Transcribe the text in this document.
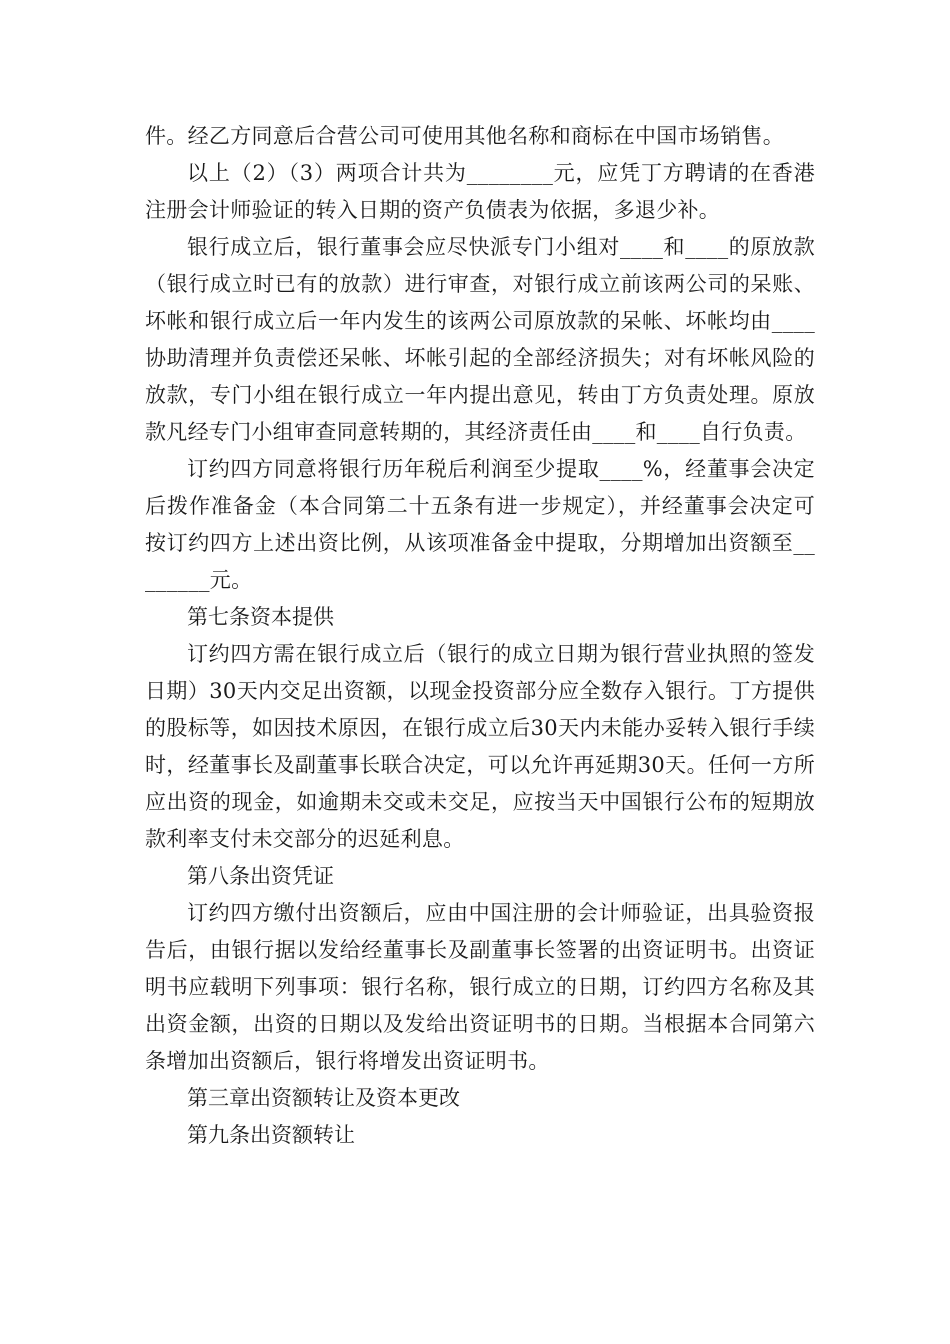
件。经乙方同意后合营公司可使用其他名称和商标在中国市场销售。

以上（2）（3）两项合计共为________元，应凭丁方聘请的在香港注册会计师验证的转入日期的资产负债表为依据，多退少补。

银行成立后，银行董事会应尽快派专门小组对____和____的原放款（银行成立时已有的放款）进行审查，对银行成立前该两公司的呆账、坏帐和银行成立后一年内发生的该两公司原放款的呆帐、坏帐均由____协助清理并负责偿还呆帐、坏帐引起的全部经济损失；对有坏帐风险的放款，专门小组在银行成立一年内提出意见，转由丁方负责处理。原放款凡经专门小组审查同意转期的，其经济责任由____和____自行负责。

订约四方同意将银行历年税后利润至少提取____%，经董事会决定后拨作准备金（本合同第二十五条有进一步规定），并经董事会决定可按订约四方上述出资比例，从该项准备金中提取，分期增加出资额至________元。

第七条资本提供

订约四方需在银行成立后（银行的成立日期为银行营业执照的签发日期）30天内交足出资额，以现金投资部分应全数存入银行。丁方提供的股标等，如因技术原因，在银行成立后30天内未能办妥转入银行手续时，经董事长及副董事长联合决定，可以允许再延期30天。任何一方所应出资的现金，如逾期未交或未交足，应按当天中国银行公布的短期放款利率支付未交部分的迟延利息。

第八条出资凭证

订约四方缴付出资额后，应由中国注册的会计师验证，出具验资报告后，由银行据以发给经董事长及副董事长签署的出资证明书。出资证明书应载明下列事项：银行名称，银行成立的日期，订约四方名称及其出资金额，出资的日期以及发给出资证明书的日期。当根据本合同第六条增加出资额后，银行将增发出资证明书。

第三章出资额转让及资本更改

第九条出资额转让
